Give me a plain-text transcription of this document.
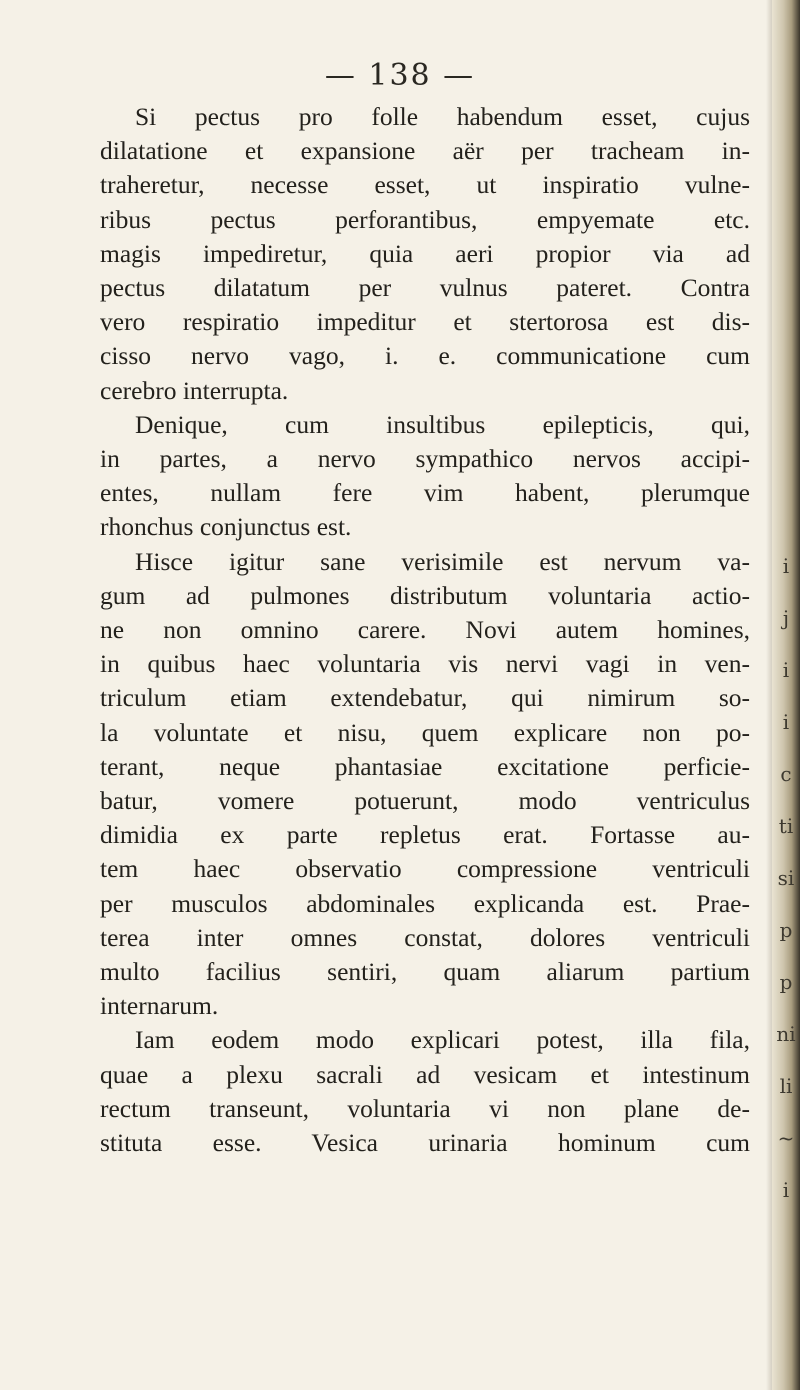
— 138 —
Si pectus pro folle habendum esset, cujus
dilatatione et expansione aër per tracheam in-
traheretur, necesse esset, ut inspiratio vulne-
ribus pectus perforantibus, empyemate etc.
magis impediretur, quia aeri propior via ad
pectus dilatatum per vulnus pateret. Contra
vero respiratio impeditur et stertorosa est dis-
cisso nervo vago, i. e. communicatione cum
cerebro interrupta.
Denique, cum insultibus epilepticis, qui,
in partes, a nervo sympathico nervos accipi-
entes, nullam fere vim habent, plerumque
rhonchus conjunctus est.
Hisce igitur sane verisimile est nervum va-
gum ad pulmones distributum voluntaria actio-
ne non omnino carere. Novi autem homines,
in quibus haec voluntaria vis nervi vagi in ven-
triculum etiam extendebatur, qui nimirum so-
la voluntate et nisu, quem explicare non po-
terant, neque phantasiae excitatione perficie-
batur, vomere potuerunt, modo ventriculus
dimidia ex parte repletus erat. Fortasse au-
tem haec observatio compressione ventriculi
per musculos abdominales explicanda est. Prae-
terea inter omnes constat, dolores ventriculi
multo facilius sentiri, quam aliarum partium
internarum.
Iam eodem modo explicari potest, illa fila,
quae a plexu sacrali ad vesicam et intestinum
rectum transeunt, voluntaria vi non plane de-
stituta esse. Vesica urinaria hominum cum
i
j
i
i
c
ti
si
p
p
ni
li
~
i
